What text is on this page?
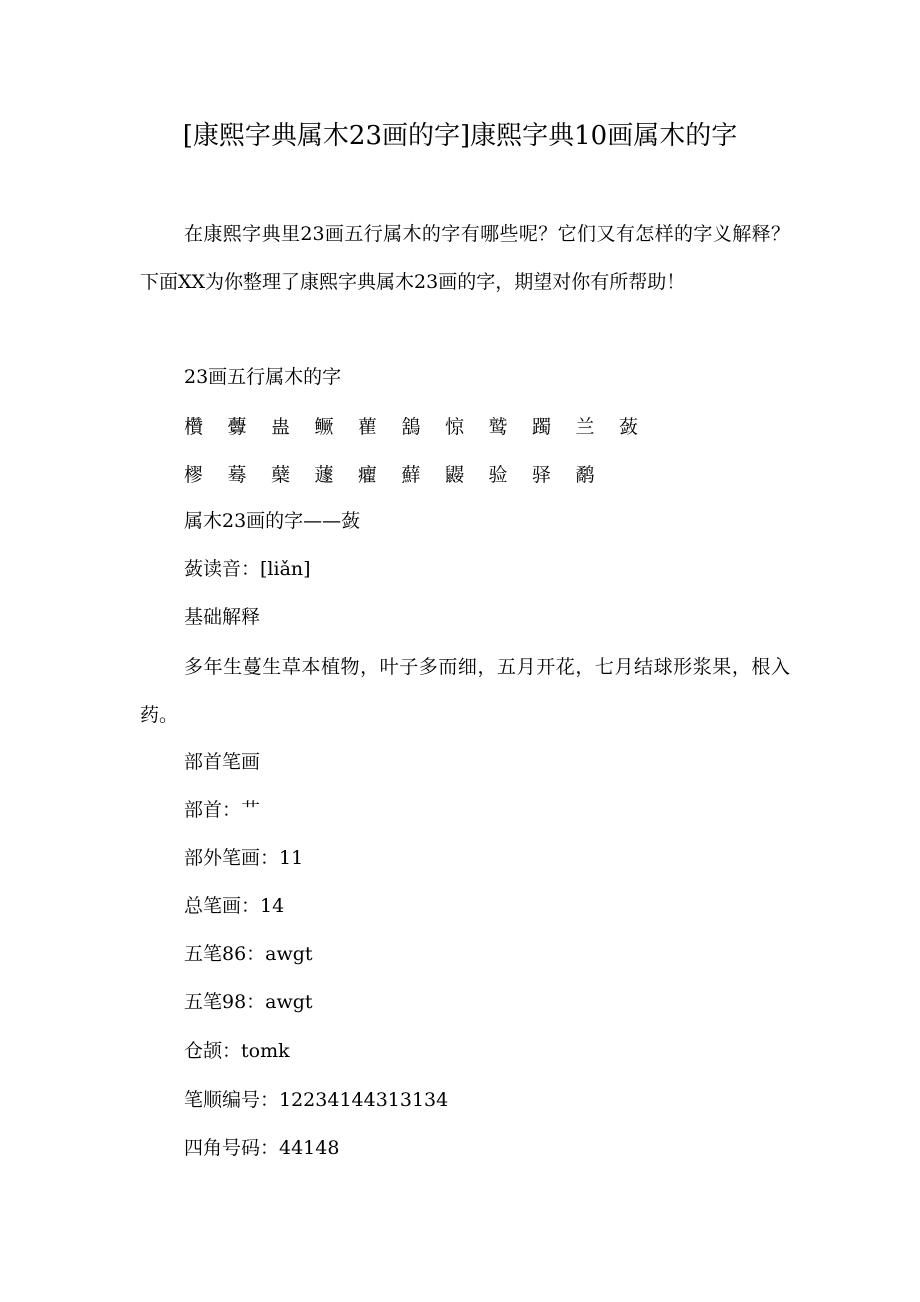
[康熙字典属木23画的字]康熙字典10画属木的字

在康熙字典里23画五行属木的字有哪些呢？它们又有怎样的字义解释？下面XX为你整理了康熙字典属木23画的字，期望对你有所帮助！

23画五行属木的字

欑	虋	蛊	鳜	雚	鵨	惊	鹫	躅	兰	蔹
樛	蓦	蘖	蘧	癯	蘚	鼹	验	驿	鹬

属木23画的字——蔹

蔹读音：[liǎn]

基础解释

多年生蔓生草本植物，叶子多而细，五月开花，七月结球形浆果，根入药。

部首笔画

部首：艹

部外笔画：11

总笔画：14

五笔86：awgt

五笔98：awgt

仓颉：tomk

笔顺编号：12234144313134

四角号码：44148
